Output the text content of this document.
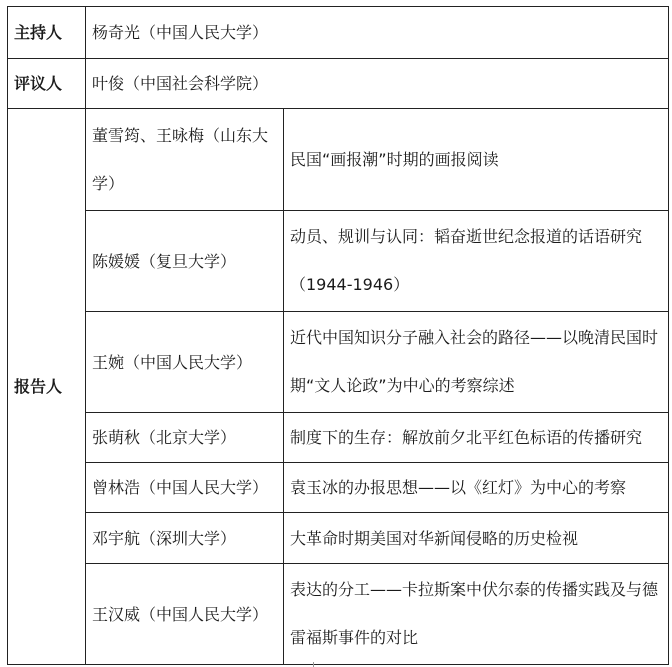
主持人	杨奇光（中国人民大学）	
评议人	叶俊（中国社会科学院）	
报告人	董雪筠、王咏梅（山东大学）	民国“画报潮”时期的画报阅读
	陈媛媛（复旦大学）	动员、规训与认同：韬奋逝世纪念报道的话语研究（1944-1946）
	王婉（中国人民大学）	近代中国知识分子融入社会的路径——以晚清民国时期“文人论政”为中心的考察综述
	张萌秋（北京大学）	制度下的生存：解放前夕北平红色标语的传播研究
	曾林浩（中国人民大学）	袁玉冰的办报思想——以《红灯》为中心的考察
	邓宇航（深圳大学）	大革命时期美国对华新闻侵略的历史检视
	王汉威（中国人民大学）	表达的分工——卡拉斯案中伏尔泰的传播实践及与德雷福斯事件的对比
